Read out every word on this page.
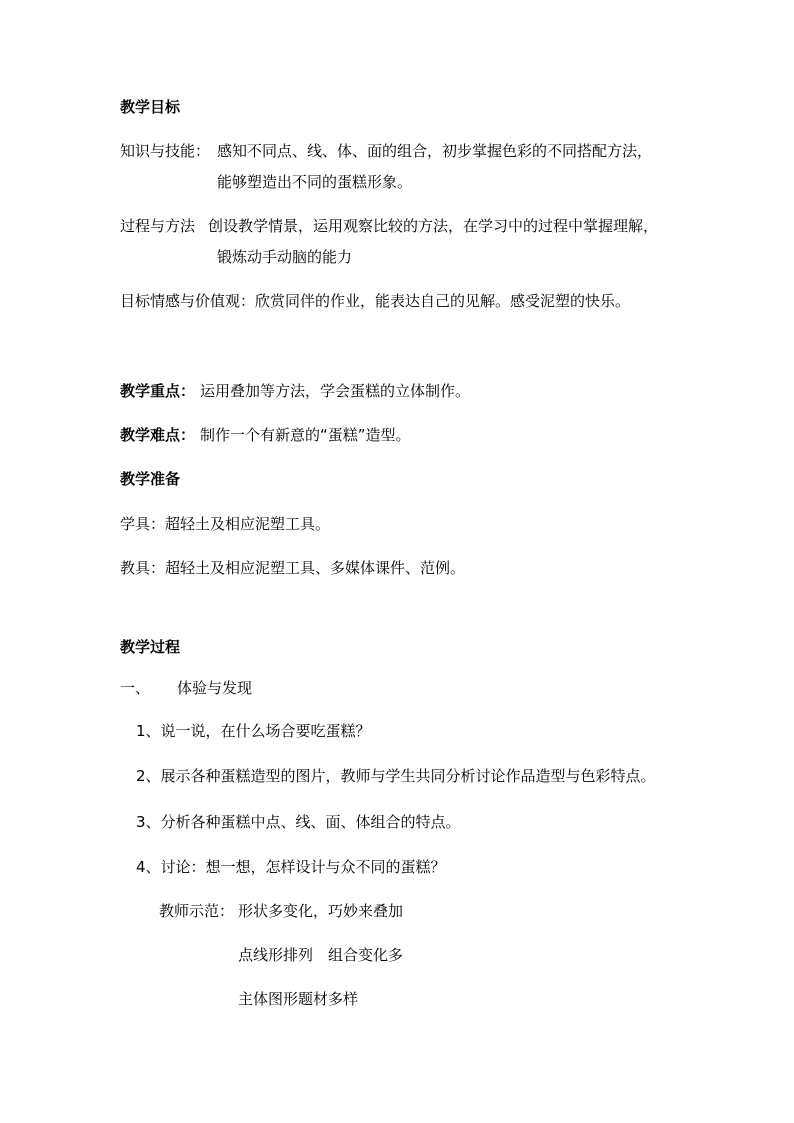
教学目标
知识与技能： 感知不同点、线、体、面的组合，初步掌握色彩的不同搭配方法，
能够塑造出不同的蛋糕形象。
过程与方法 创设教学情景，运用观察比较的方法，在学习中的过程中掌握理解，
锻炼动手动脑的能力
目标情感与价值观： 欣赏同伴的作业，能表达自己的见解。感受泥塑的快乐。
教学重点： 运用叠加等方法，学会蛋糕的立体制作。
教学难点： 制作一个有新意的“蛋糕”造型。
教学准备
学具：超轻土及相应泥塑工具。
教具：超轻土及相应泥塑工具、多媒体课件、范例。
教学过程
一、 体验与发现
1、说一说，在什么场合要吃蛋糕？
2、展示各种蛋糕造型的图片，教师与学生共同分析讨论作品造型与色彩特点。
3、分析各种蛋糕中点、线、面、体组合的特点。
4、讨论：想一想，怎样设计与众不同的蛋糕？
教师示范： 形状多变化，巧妙来叠加
点线形排列　组合变化多
主体图形题材多样
